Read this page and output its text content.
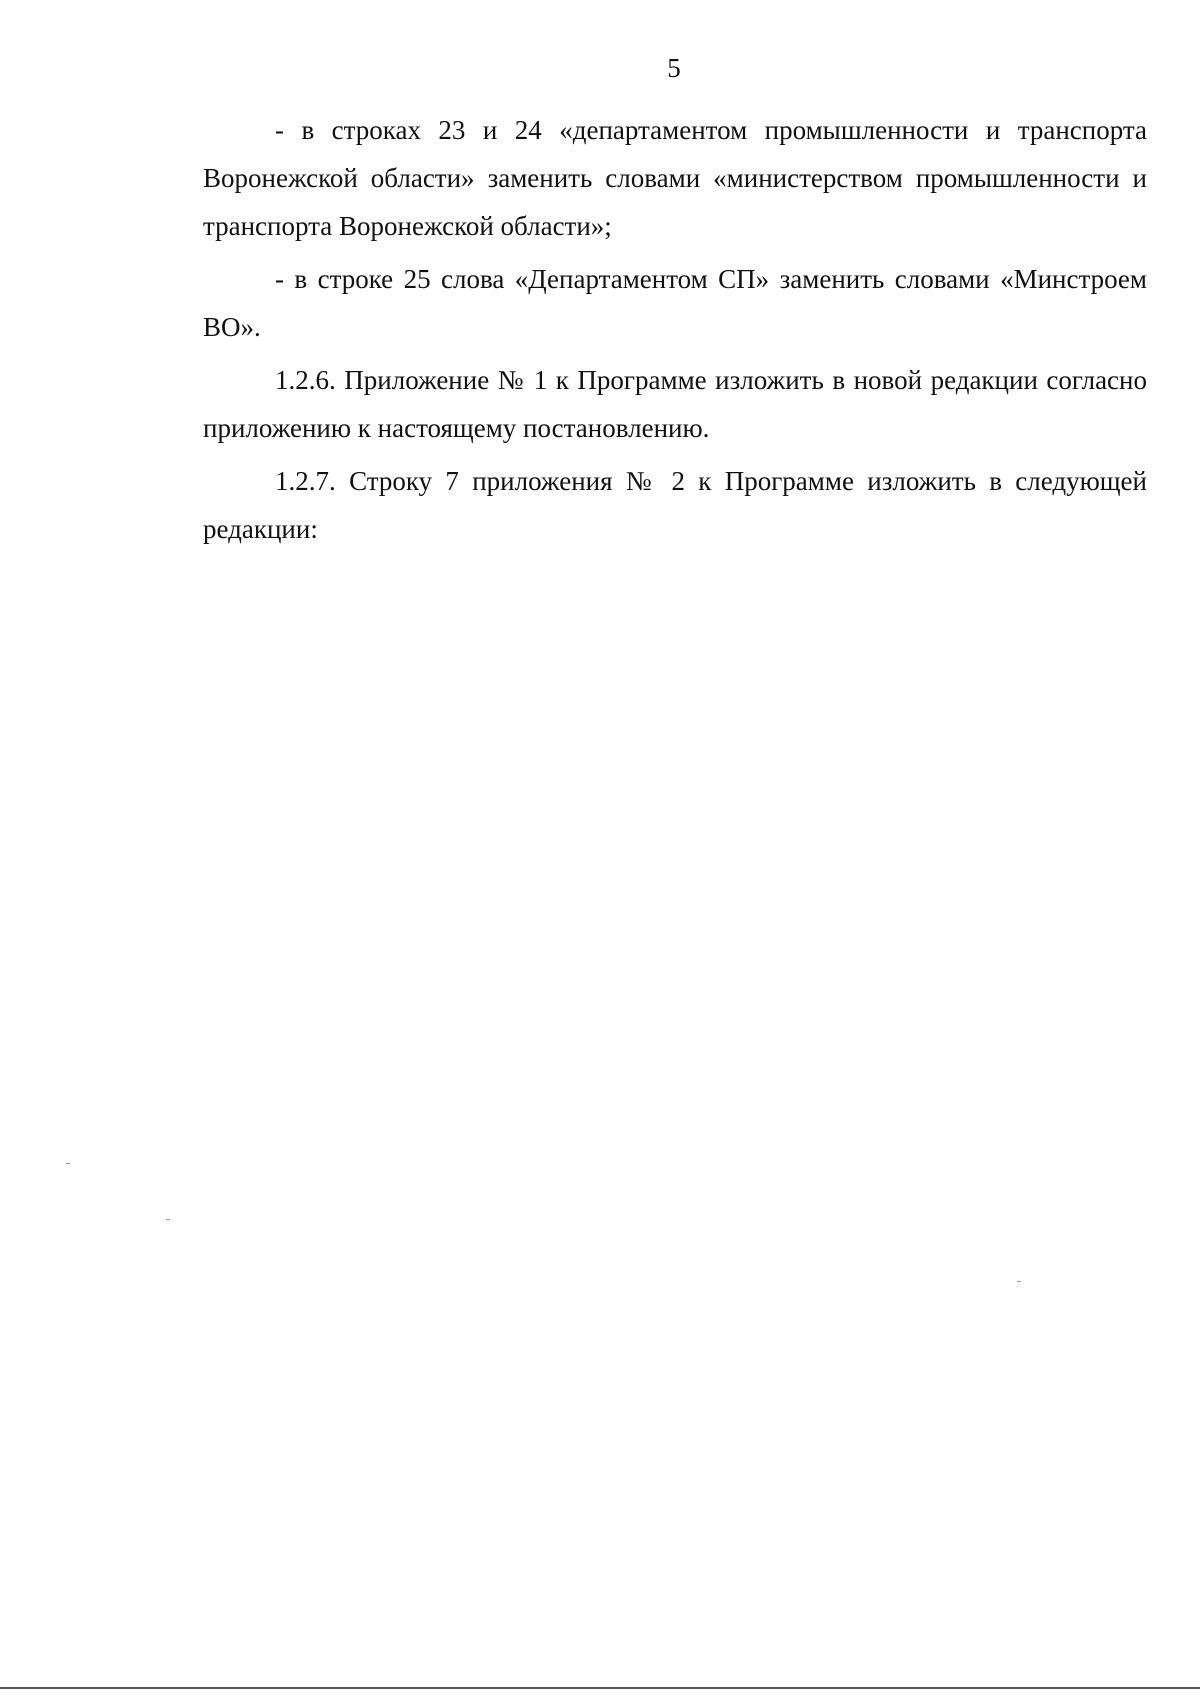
5

- в строках 23 и 24 «департаментом промышленности и транспорта Воронежской области» заменить словами «министерством промышленности и транспорта Воронежской области»;

- в строке 25 слова «Департаментом СП» заменить словами «Минстроем ВО».

1.2.6. Приложение № 1 к Программе изложить в новой редакции согласно приложению к настоящему постановлению.

1.2.7. Строку 7 приложения № 2 к Программе изложить в следующей редакции:
